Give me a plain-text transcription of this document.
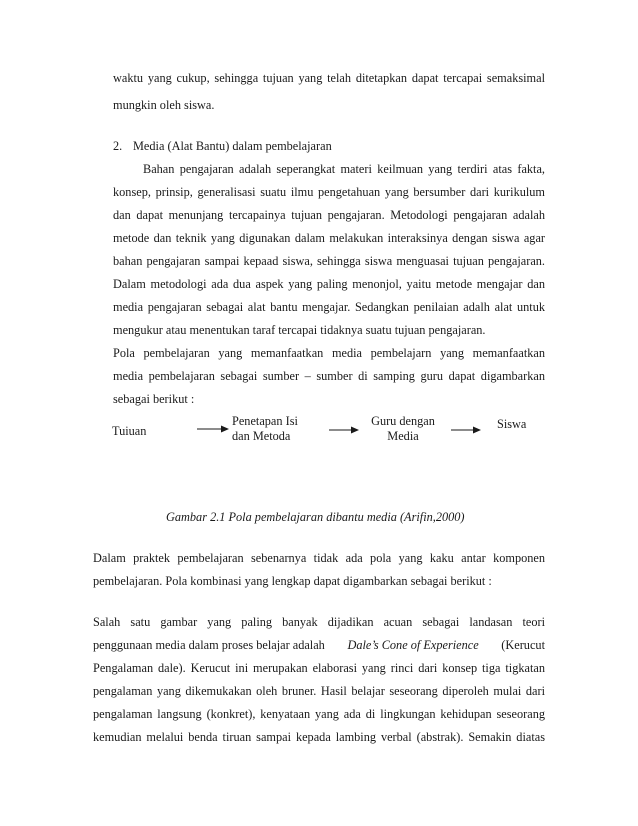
waktu yang cukup, sehingga tujuan yang telah ditetapkan dapat tercapai semaksimal
mungkin oleh siswa.
2. Media (Alat Bantu) dalam pembelajaran
Bahan pengajaran adalah seperangkat materi keilmuan yang terdiri atas fakta,
konsep, prinsip, generalisasi suatu ilmu pengetahuan yang bersumber dari kurikulum
dan dapat menunjang tercapainya tujuan pengajaran. Metodologi pengajaran adalah
metode dan teknik yang digunakan dalam melakukan interaksinya dengan siswa agar
bahan pengajaran sampai kepaad siswa, sehingga siswa menguasai tujuan pengajaran.
Dalam metodologi ada dua aspek yang paling menonjol, yaitu metode mengajar dan
media pengajaran sebagai alat bantu mengajar. Sedangkan penilaian adalh alat untuk
mengukur atau menentukan taraf tercapai tidaknya suatu tujuan pengajaran.
Pola pembelajaran yang memanfaatkan media pembelajarn yang memanfaatkan
media pembelajaran sebagai sumber – sumber di samping guru dapat digambarkan
sebagai berikut :
Tuiuan
Penetapan Isi
dan Metoda
Guru dengan
Media
Siswa
Gambar 2.1 Pola pembelajaran dibantu media (Arifin,2000)
Dalam praktek pembelajaran sebenarnya tidak ada pola yang kaku antar komponen
pembelajaran. Pola kombinasi yang lengkap dapat digambarkan sebagai berikut :
Salah satu gambar yang paling banyak dijadikan acuan sebagai landasan teori
penggunaan media dalam proses belajar adalah Dale’s Cone of Experience (Kerucut
Pengalaman dale). Kerucut ini merupakan elaborasi yang rinci dari konsep tiga tigkatan
pengalaman yang dikemukakan oleh bruner. Hasil belajar seseorang diperoleh mulai dari
pengalaman langsung (konkret), kenyataan yang ada di lingkungan kehidupan seseorang
kemudian melalui benda tiruan sampai kepada lambing verbal (abstrak). Semakin diatas
